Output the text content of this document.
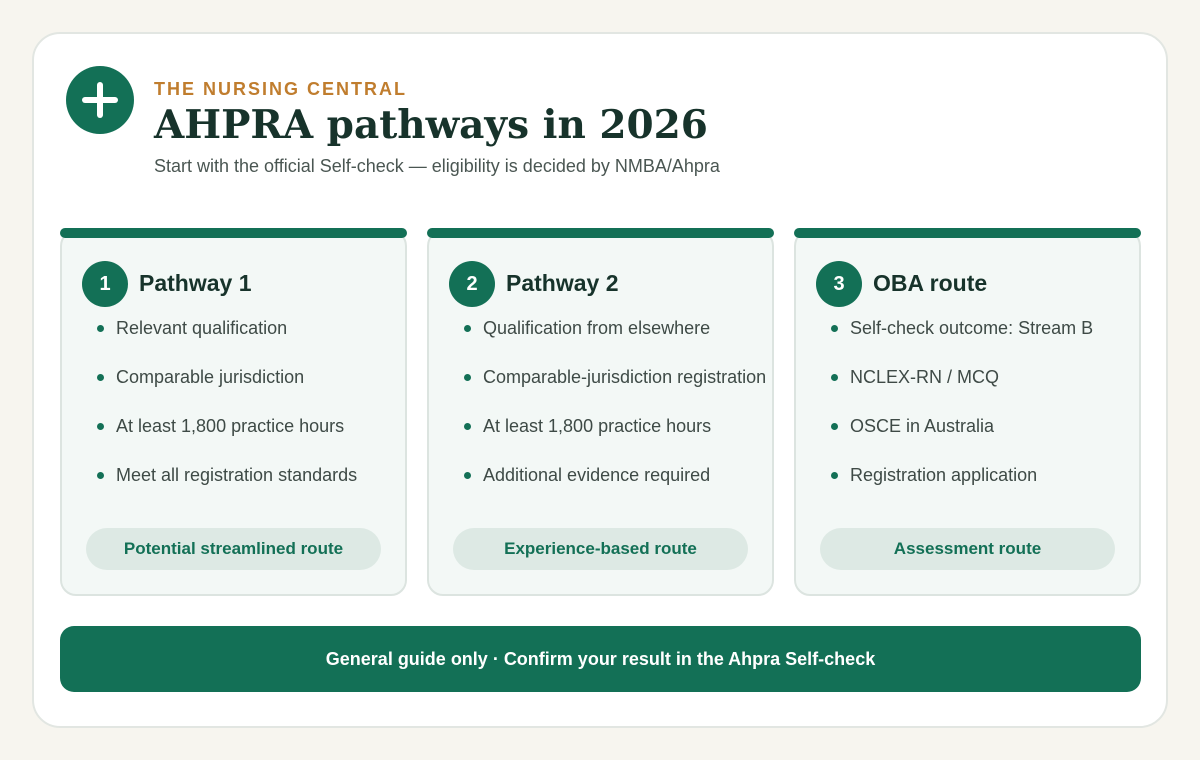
THE NURSING CENTRAL
AHPRA pathways in 2026
Start with the official Self-check — eligibility is decided by NMBA/Ahpra
1	Pathway 1
Relevant qualification
Comparable jurisdiction
At least 1,800 practice hours
Meet all registration standards
Potential streamlined route
2	Pathway 2
Qualification from elsewhere
Comparable-jurisdiction registration
At least 1,800 practice hours
Additional evidence required
Experience-based route
3	OBA route
Self-check outcome: Stream B
NCLEX-RN / MCQ
OSCE in Australia
Registration application
Assessment route
General guide only · Confirm your result in the Ahpra Self-check
